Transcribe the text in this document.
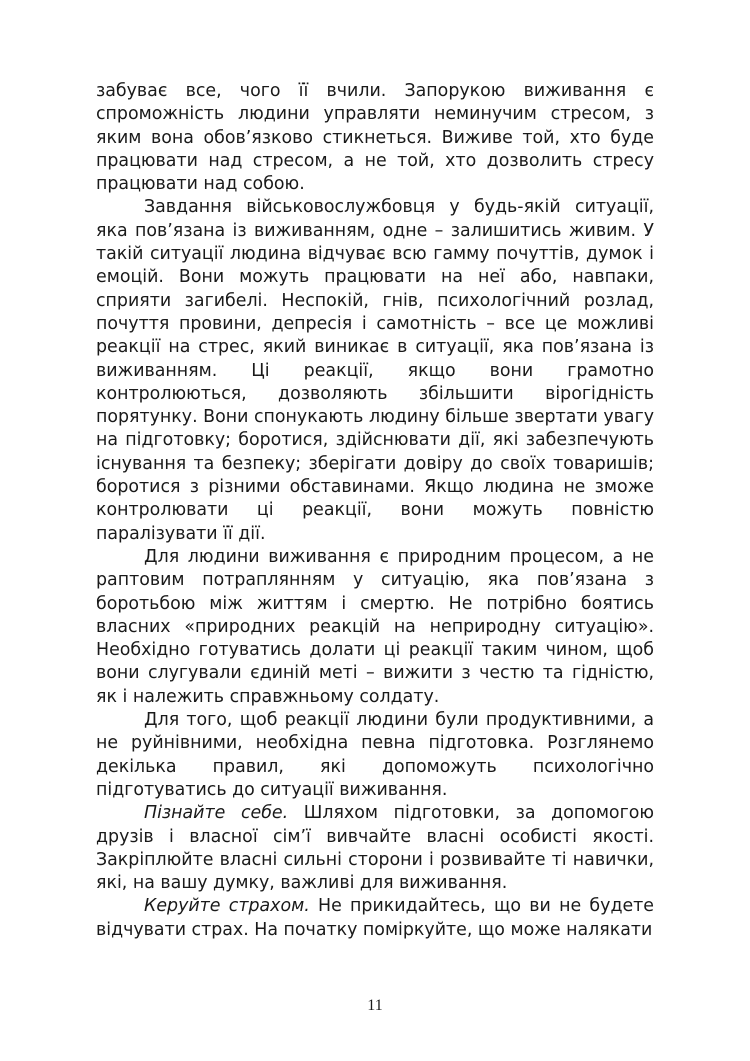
забуває все, чого її вчили. Запорукою виживання є спроможність людини управляти неминучим стресом, з яким вона обов’язково стикнеться. Виживе той, хто буде працювати над стресом, а не той, хто дозволить стресу працювати над собою.

Завдання військовослужбовця у будь-якій ситуації, яка пов’язана із виживанням, одне – залишитись живим. У такій ситуації людина відчуває всю гамму почуттів, думок і емоцій. Вони можуть працювати на неї або, навпаки, сприяти загибелі. Неспокій, гнів, психологічний розлад, почуття провини, депресія і самотність – все це можливі реакції на стрес, який виникає в ситуації, яка пов’язана із виживанням. Ці реакції, якщо вони грамотно контролюються, дозволяють збільшити вірогідність порятунку. Вони спонукають людину більше звертати увагу на підготовку; боротися, здійснювати дії, які забезпечують існування та безпеку; зберігати довіру до своїх товаришів; боротися з різними обставинами. Якщо людина не зможе контролювати ці реакції, вони можуть повністю паралізувати її дії.

Для людини виживання є природним процесом, а не раптовим потраплянням у ситуацію, яка пов’язана з боротьбою між життям і смертю. Не потрібно боятись власних «природних реакцій на неприродну ситуацію». Необхідно готуватись долати ці реакції таким чином, щоб вони слугували єдиній меті – вижити з честю та гідністю, як і належить справжньому солдату.

Для того, щоб реакції людини були продуктивними, а не руйнівними, необхідна певна підготовка. Розглянемо декілька правил, які допоможуть психологічно підготуватись до ситуації виживання.

Пізнайте себе. Шляхом підготовки, за допомогою друзів і власної сім’ї вивчайте власні особисті якості. Закріплюйте власні сильні сторони і розвивайте ті навички, які, на вашу думку, важливі для виживання.

Керуйте страхом. Не прикидайтесь, що ви не будете відчувати страх. На початку поміркуйте, що може налякати

11
